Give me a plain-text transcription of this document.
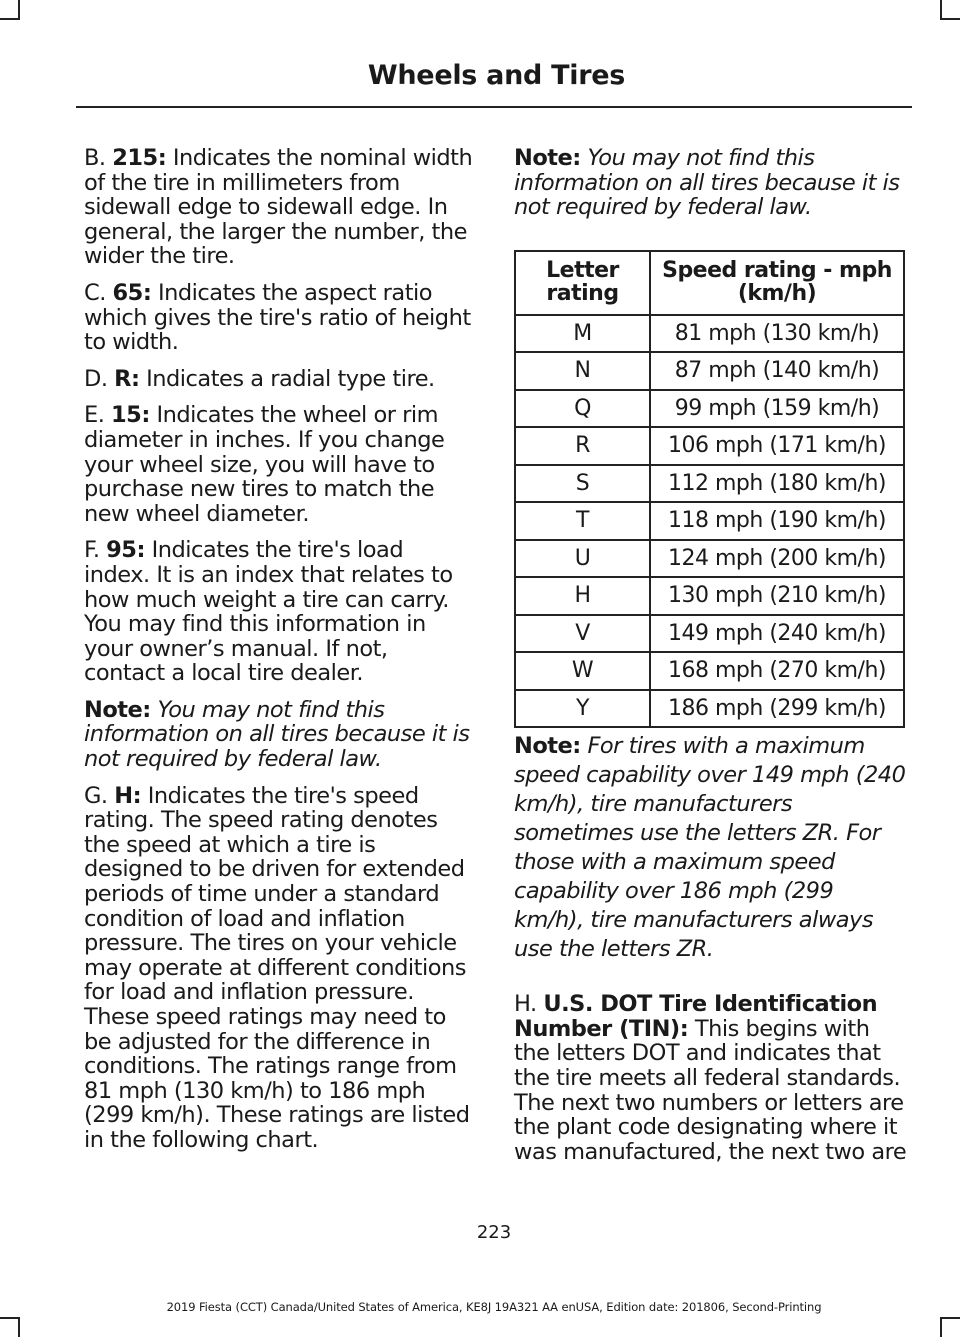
Wheels and Tires

B. 215: Indicates the nominal width of the tire in millimeters from sidewall edge to sidewall edge. In general, the larger the number, the wider the tire.

C. 65: Indicates the aspect ratio which gives the tire's ratio of height to width.

D. R: Indicates a radial type tire.

E. 15: Indicates the wheel or rim diameter in inches. If you change your wheel size, you will have to purchase new tires to match the new wheel diameter.

F. 95: Indicates the tire's load index. It is an index that relates to how much weight a tire can carry. You may find this information in your owner’s manual. If not, contact a local tire dealer.

Note: You may not find this information on all tires because it is not required by federal law.

G. H: Indicates the tire's speed rating. The speed rating denotes the speed at which a tire is designed to be driven for extended periods of time under a standard condition of load and inflation pressure. The tires on your vehicle may operate at different conditions for load and inflation pressure. These speed ratings may need to be adjusted for the difference in conditions. The ratings range from 81 mph (130 km/h) to 186 mph (299 km/h). These ratings are listed in the following chart.

Note: You may not find this information on all tires because it is not required by federal law.

Letter rating	Speed rating - mph (km/h)
M	81 mph (130 km/h)
N	87 mph (140 km/h)
Q	99 mph (159 km/h)
R	106 mph (171 km/h)
S	112 mph (180 km/h)
T	118 mph (190 km/h)
U	124 mph (200 km/h)
H	130 mph (210 km/h)
V	149 mph (240 km/h)
W	168 mph (270 km/h)
Y	186 mph (299 km/h)

Note: For tires with a maximum speed capability over 149 mph (240 km/h), tire manufacturers sometimes use the letters ZR. For those with a maximum speed capability over 186 mph (299 km/h), tire manufacturers always use the letters ZR.

H. U.S. DOT Tire Identification Number (TIN): This begins with the letters DOT and indicates that the tire meets all federal standards. The next two numbers or letters are the plant code designating where it was manufactured, the next two are

223
2019 Fiesta (CCT) Canada/United States of America, KE8J 19A321 AA enUSA, Edition date: 201806, Second-Printing
